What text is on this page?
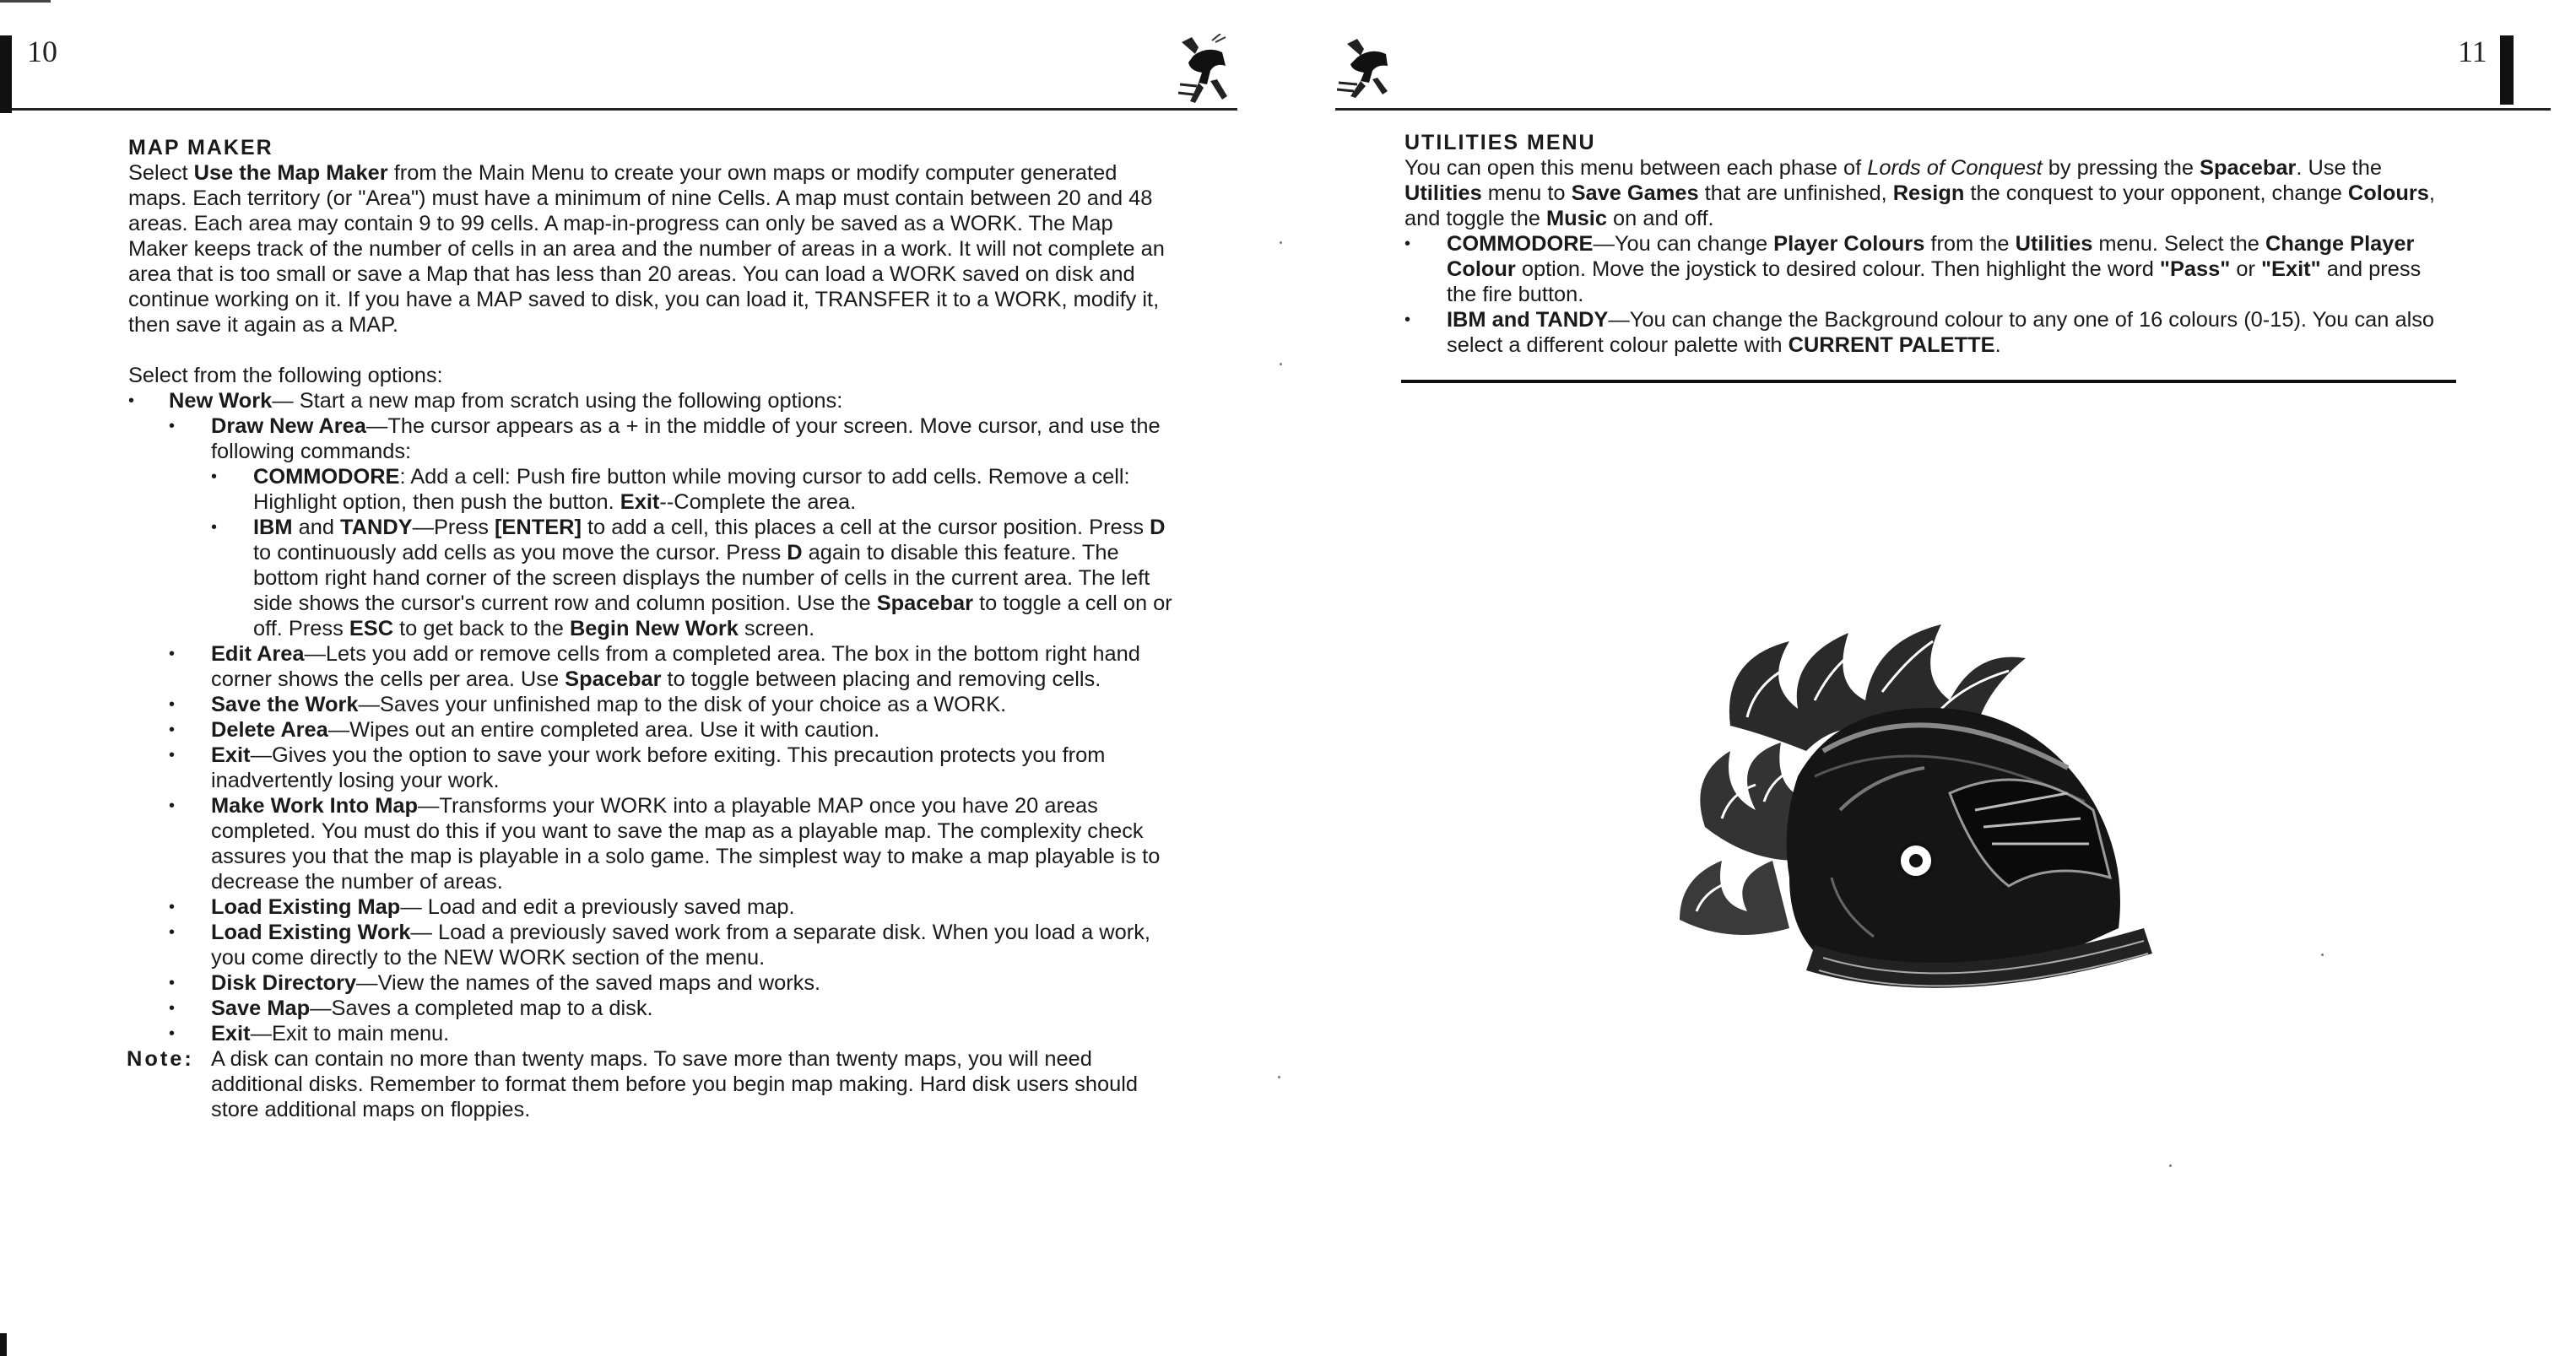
10
MAP MAKER

Select Use the Map Maker from the Main Menu to create your own maps or modify computer generated maps. Each territory (or "Area") must have a minimum of nine Cells. A map must contain between 20 and 48 areas. Each area may contain 9 to 99 cells. A map-in-progress can only be saved as a WORK. The Map Maker keeps track of the number of cells in an area and the number of areas in a work. It will not complete an area that is too small or save a Map that has less than 20 areas. You can load a WORK saved on disk and continue working on it. If you have a MAP saved to disk, you can load it, TRANSFER it to a WORK, modify it, then save it again as a MAP.

Select from the following options:

• New Work— Start a new map from scratch using the following options:
• Draw New Area—The cursor appears as a + in the middle of your screen. Move cursor, and use the following commands:
• COMMODORE: Add a cell: Push fire button while moving cursor to add cells. Remove a cell: Highlight option, then push the button. Exit--Complete the area.
• IBM and TANDY—Press [ENTER] to add a cell, this places a cell at the cursor position. Press D to continuously add cells as you move the cursor. Press D again to disable this feature. The bottom right hand corner of the screen displays the number of cells in the current area. The left side shows the cursor's current row and column position. Use the Spacebar to toggle a cell on or off. Press ESC to get back to the Begin New Work screen.
• Edit Area—Lets you add or remove cells from a completed area. The box in the bottom right hand corner shows the cells per area. Use Spacebar to toggle between placing and removing cells.
• Save the Work—Saves your unfinished map to the disk of your choice as a WORK.
• Delete Area—Wipes out an entire completed area. Use it with caution.
• Exit—Gives you the option to save your work before exiting. This precaution protects you from inadvertently losing your work.
• Make Work Into Map—Transforms your WORK into a playable MAP once you have 20 areas completed. You must do this if you want to save the map as a playable map. The complexity check assures you that the map is playable in a solo game. The simplest way to make a map playable is to decrease the number of areas.
• Load Existing Map— Load and edit a previously saved map.
• Load Existing Work— Load a previously saved work from a separate disk. When you load a work, you come directly to the NEW WORK section of the menu.
• Disk Directory—View the names of the saved maps and works.
• Save Map—Saves a completed map to a disk.
• Exit—Exit to main menu.
Note: A disk can contain no more than twenty maps. To save more than twenty maps, you will need additional disks. Remember to format them before you begin map making. Hard disk users should store additional maps on floppies.
11
UTILITIES MENU

You can open this menu between each phase of Lords of Conquest by pressing the Spacebar. Use the Utilities menu to Save Games that are unfinished, Resign the conquest to your opponent, change Colours, and toggle the Music on and off.

• COMMODORE—You can change Player Colours from the Utilities menu. Select the Change Player Colour option. Move the joystick to desired colour. Then highlight the word "Pass" or "Exit" and press the fire button.
• IBM and TANDY—You can change the Background colour to any one of 16 colours (0-15). You can also select a different colour palette with CURRENT PALETTE.
